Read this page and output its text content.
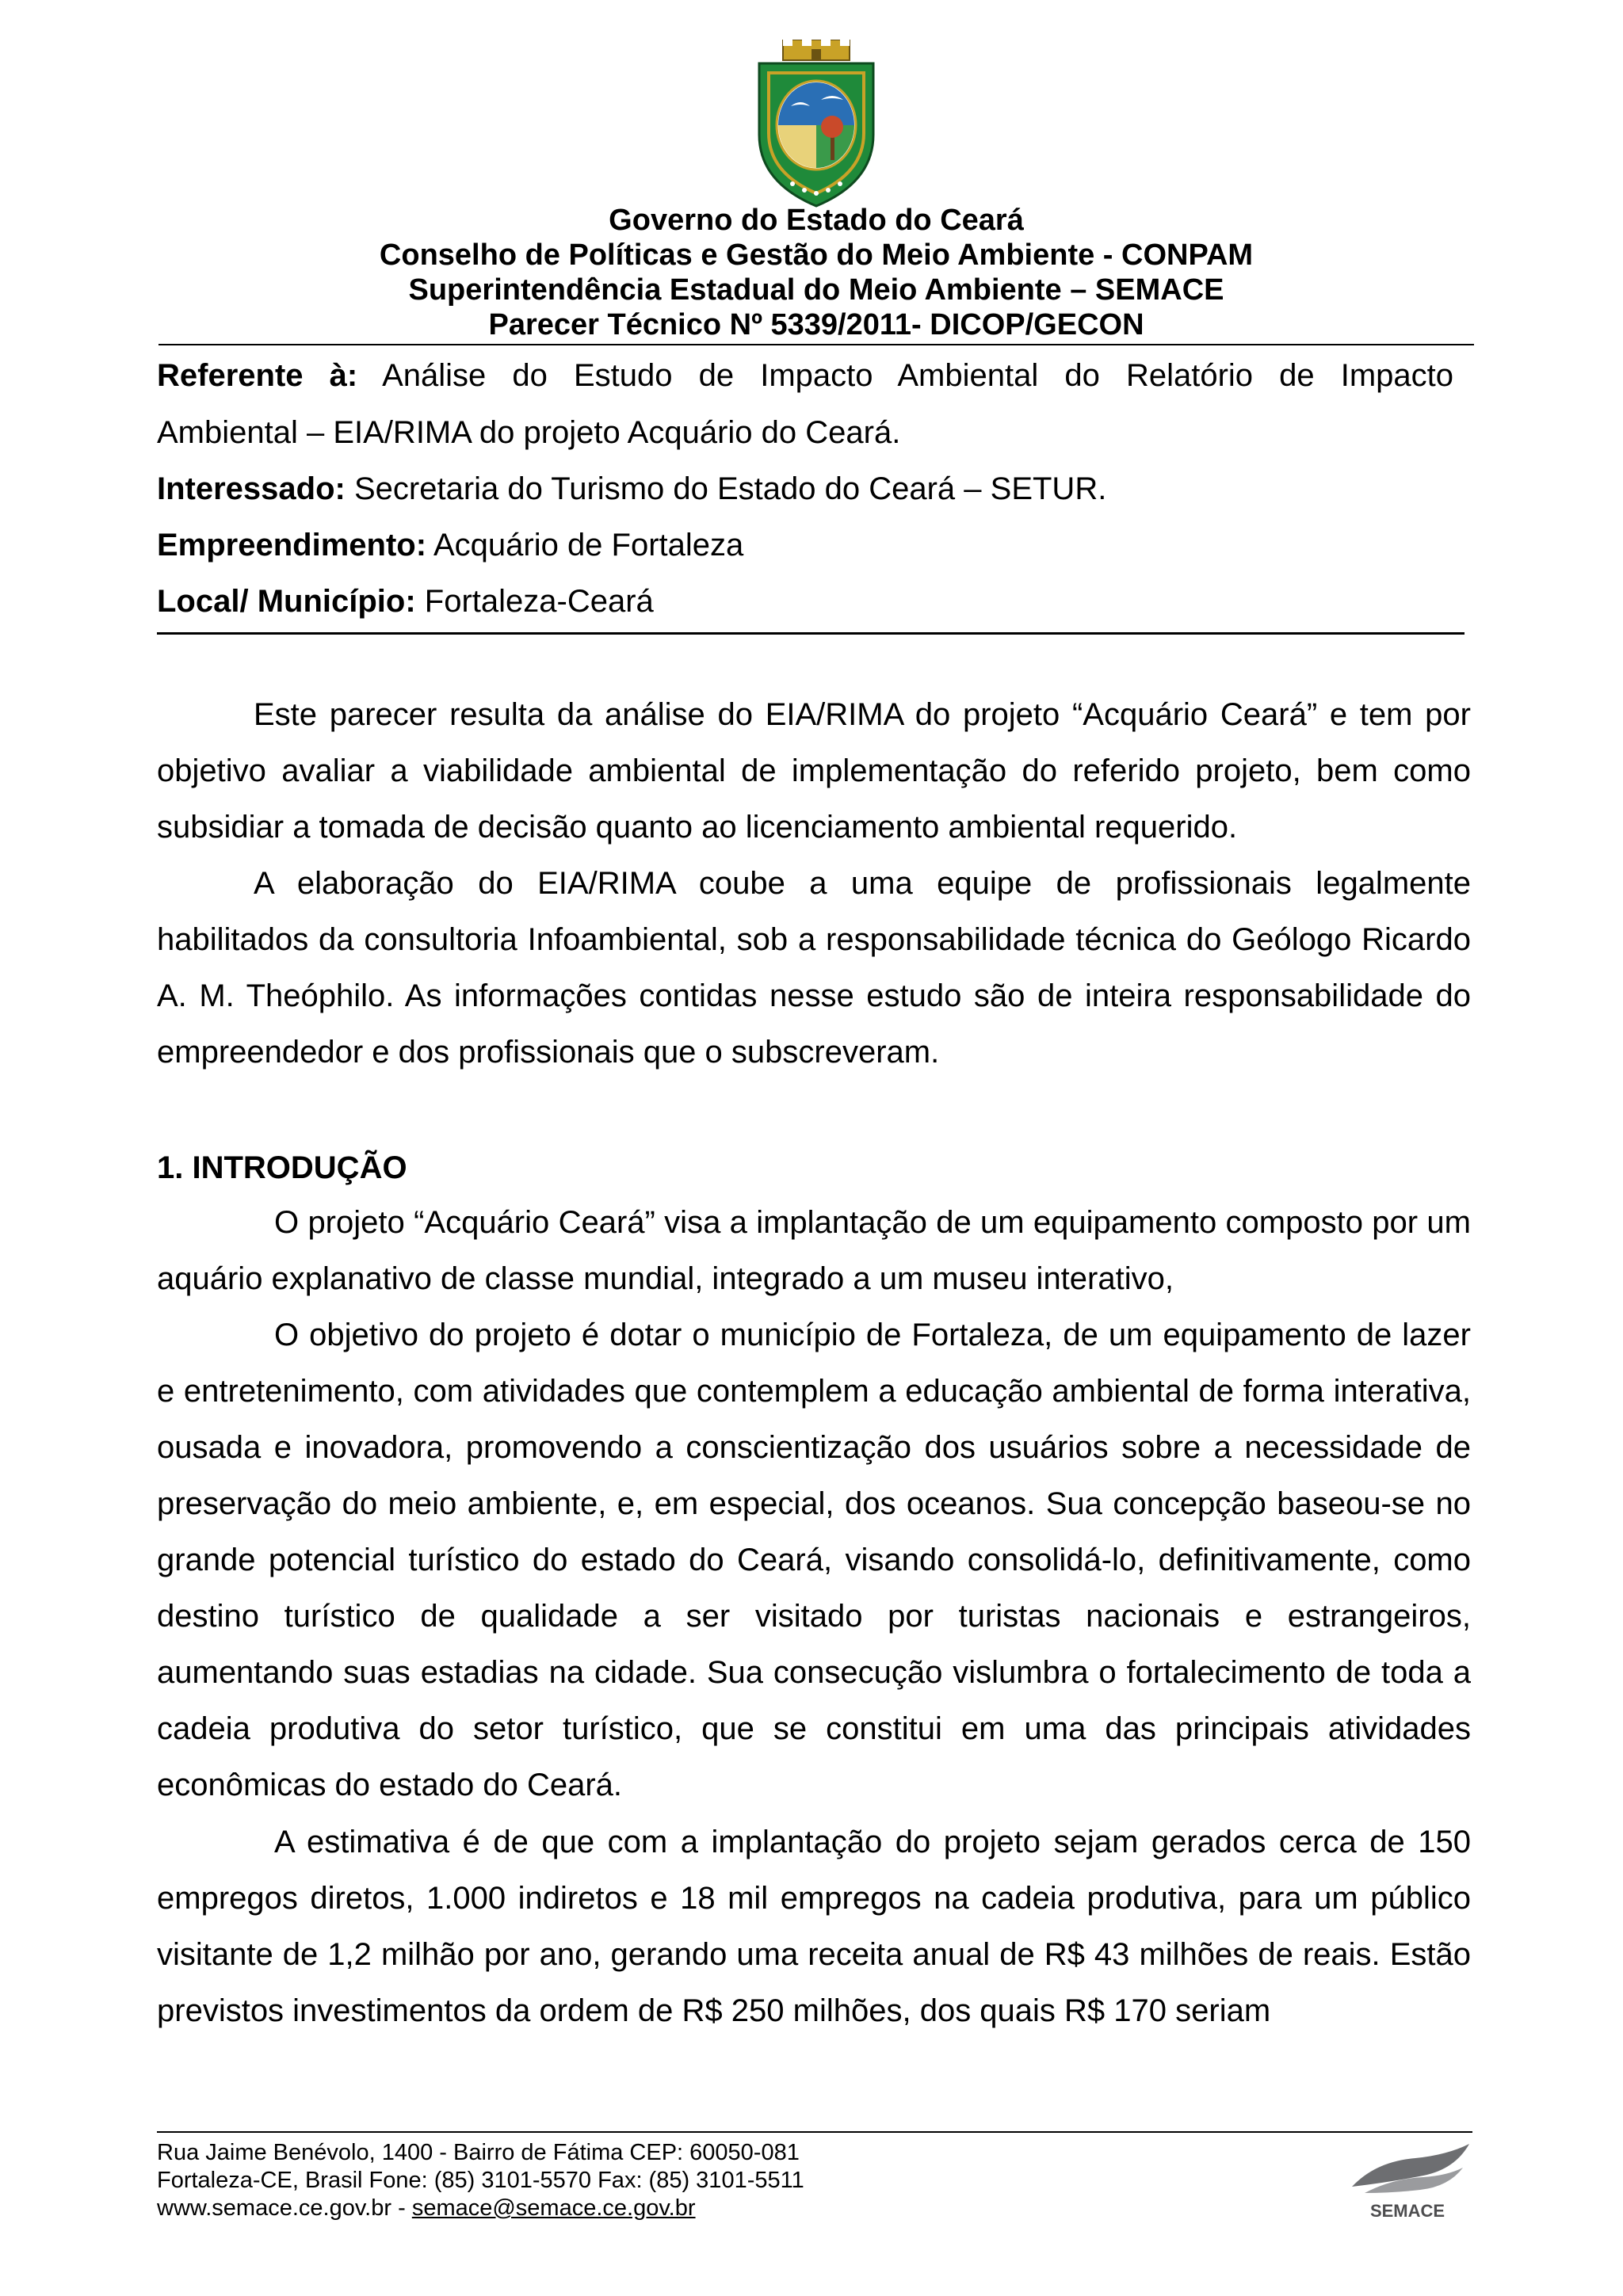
Governo do Estado do Ceará
Conselho de Políticas e Gestão do Meio Ambiente - CONPAM
Superintendência Estadual do Meio Ambiente – SEMACE
Parecer Técnico Nº 5339/2011- DICOP/GECON
Referente à: Análise do Estudo de Impacto Ambiental do Relatório de Impacto
Ambiental – EIA/RIMA do projeto Acquário do Ceará.
Interessado: Secretaria do Turismo do Estado do Ceará – SETUR.
Empreendimento: Acquário de Fortaleza
Local/ Município: Fortaleza-Ceará

Este parecer resulta da análise do EIA/RIMA do projeto “Acquário Ceará” e tem por objetivo avaliar a viabilidade ambiental de implementação do referido projeto, bem como subsidiar a tomada de decisão quanto ao licenciamento ambiental requerido.

A elaboração do EIA/RIMA coube a uma equipe de profissionais legalmente habilitados da consultoria Infoambiental, sob a responsabilidade técnica do Geólogo Ricardo A. M. Theóphilo. As informações contidas nesse estudo são de inteira responsabilidade do empreendedor e dos profissionais que o subscreveram.

1. INTRODUÇÃO

O projeto “Acquário Ceará” visa a implantação de um equipamento composto por um aquário explanativo de classe mundial, integrado a um museu interativo,

O objetivo do projeto é dotar o município de Fortaleza, de um equipamento de lazer e entretenimento, com atividades que contemplem a educação ambiental de forma interativa, ousada e inovadora, promovendo a conscientização dos usuários sobre a necessidade de preservação do meio ambiente, e, em especial, dos oceanos. Sua concepção baseou-se no grande potencial turístico do estado do Ceará, visando consolidá-lo, definitivamente, como destino turístico de qualidade a ser visitado por turistas nacionais e estrangeiros, aumentando suas estadias na cidade. Sua consecução vislumbra o fortalecimento de toda a cadeia produtiva do setor turístico, que se constitui em uma das principais atividades econômicas do estado do Ceará.

A estimativa é de que com a implantação do projeto sejam gerados cerca de 150 empregos diretos, 1.000 indiretos e 18 mil empregos na cadeia produtiva, para um público visitante de 1,2 milhão por ano, gerando uma receita anual de R$ 43 milhões de reais. Estão previstos investimentos da ordem de R$ 250 milhões, dos quais R$ 170 seriam

Rua Jaime Benévolo, 1400 - Bairro de Fátima CEP: 60050-081
Fortaleza-CE, Brasil Fone: (85) 3101-5570 Fax: (85) 3101-5511
www.semace.ce.gov.br - semace@semace.ce.gov.br	SEMACE
